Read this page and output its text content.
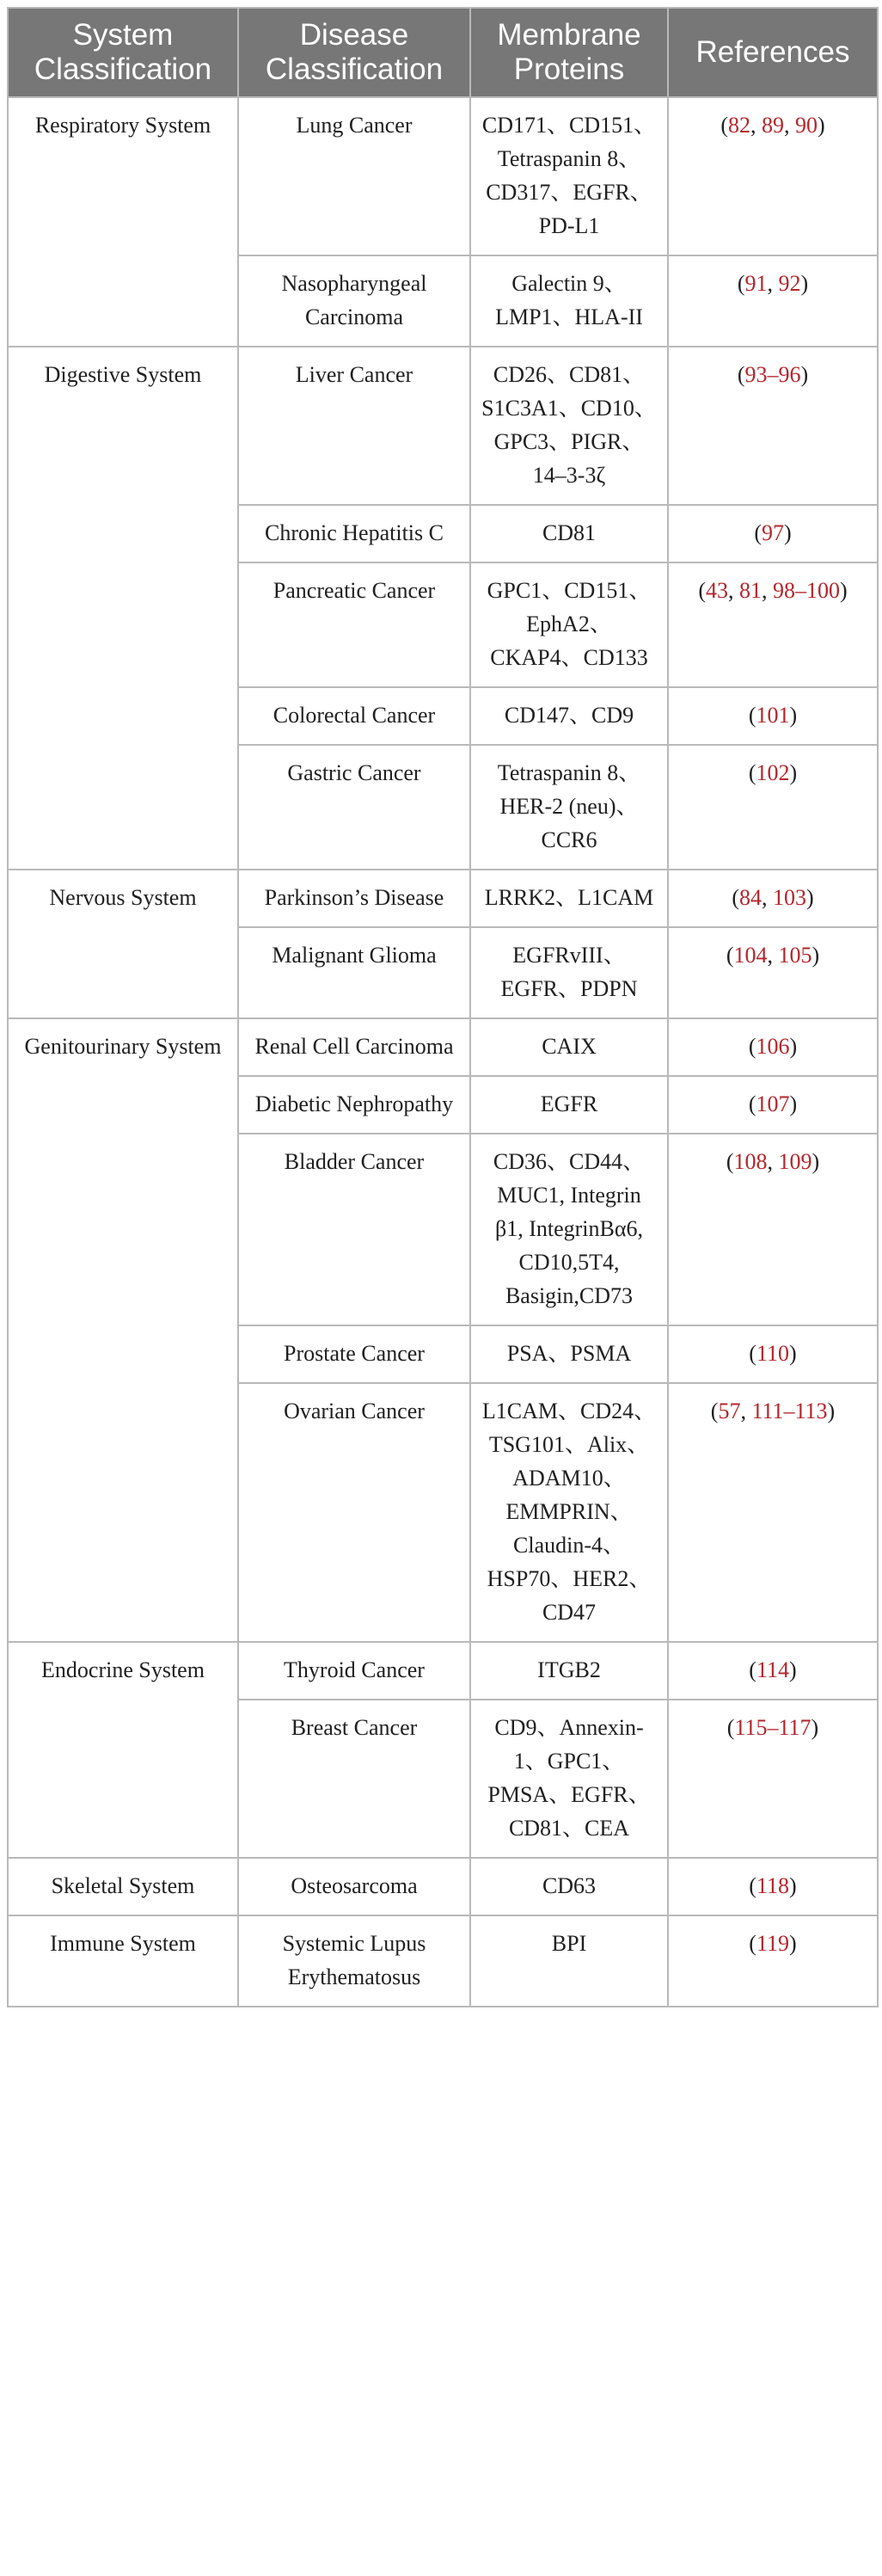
System Classification	Disease Classification	Membrane Proteins	References
Respiratory System	Lung Cancer	CD171、CD151、Tetraspanin 8、CD317、EGFR、PD-L1	(82, 89, 90)
	Nasopharyngeal Carcinoma	Galectin 9、LMP1、HLA-II	(91, 92)
Digestive System	Liver Cancer	CD26、CD81、S1C3A1、CD10、GPC3、PIGR、14–3-3ζ	(93–96)
	Chronic Hepatitis C	CD81	(97)
	Pancreatic Cancer	GPC1、CD151、EphA2、CKAP4、CD133	(43, 81, 98–100)
	Colorectal Cancer	CD147、CD9	(101)
	Gastric Cancer	Tetraspanin 8、HER-2 (neu)、CCR6	(102)
Nervous System	Parkinson’s Disease	LRRK2、L1CAM	(84, 103)
	Malignant Glioma	EGFRvIII、EGFR、PDPN	(104, 105)
Genitourinary System	Renal Cell Carcinoma	CAIX	(106)
	Diabetic Nephropathy	EGFR	(107)
	Bladder Cancer	CD36、CD44、MUC1, Integrin β1, IntegrinBα6, CD10,5T4, Basigin,CD73	(108, 109)
	Prostate Cancer	PSA、PSMA	(110)
	Ovarian Cancer	L1CAM、CD24、TSG101、Alix、ADAM10、EMMPRIN、Claudin-4、HSP70、HER2、CD47	(57, 111–113)
Endocrine System	Thyroid Cancer	ITGB2	(114)
	Breast Cancer	CD9、Annexin-1、GPC1、PMSA、EGFR、CD81、CEA	(115–117)
Skeletal System	Osteosarcoma	CD63	(118)
Immune System	Systemic Lupus Erythematosus	BPI	(119)
